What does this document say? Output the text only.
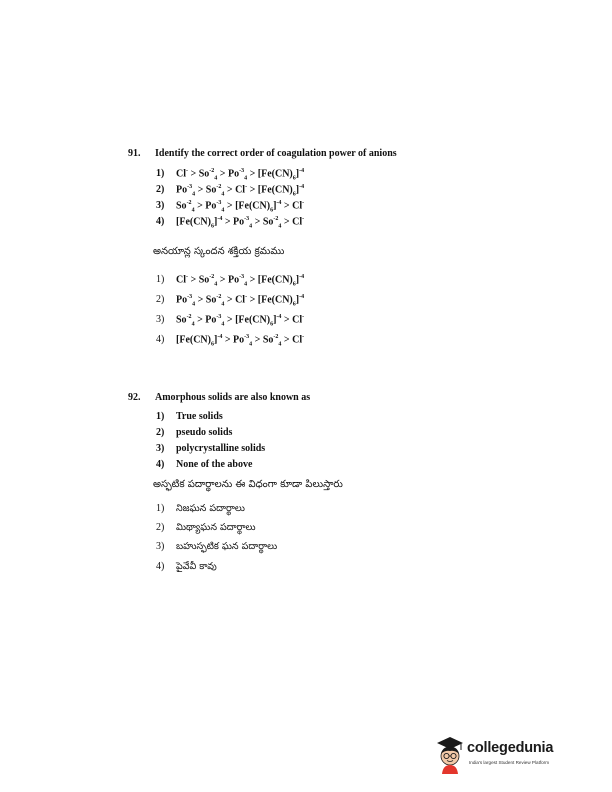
91. Identify the correct order of coagulation power of anions
1) $Cl^- > So^{-2}_4 > Po^{-3}_4 > [Fe(CN)_6]^{-4}$
2) $Po^{-3}_4 > So^{-2}_4 > Cl^- > [Fe(CN)_6]^{-4}$
3) $So^{-2}_4 > Po^{-3}_4 > [Fe(CN)_6]^{-4} > Cl^-$
4) $[Fe(CN)_6]^{-4} > Po^{-3}_4 > So^{-2}_4 > Cl^-$
అనయాన్ల స్కందన శక్తియ క్రమము
1) $Cl^- > So^{-2}_4 > Po^{-3}_4 > [Fe(CN)_6]^{-4}$
2) $Po^{-3}_4 > So^{-2}_4 > Cl^- > [Fe(CN)_6]^{-4}$
3) $So^{-2}_4 > Po^{-3}_4 > [Fe(CN)_6]^{-4} > Cl^-$
4) $[Fe(CN)_6]^{-4} > Po^{-3}_4 > So^{-2}_4 > Cl^-$
92. Amorphous solids are also known as
1) True solids
2) pseudo solids
3) polycrystalline solids
4) None of the above
అస్ఫటిక పదార్థాలను ఈ విధంగా కూడా పిలుస్తారు
1) నిజఘన పదార్థాలు
2) మిథ్యాఘన పదార్థాలు
3) బహుస్ఫటిక ఘన పదార్థాలు
4) పైవేవీ కావు
collegedunia
India's largest Student Review Platform
